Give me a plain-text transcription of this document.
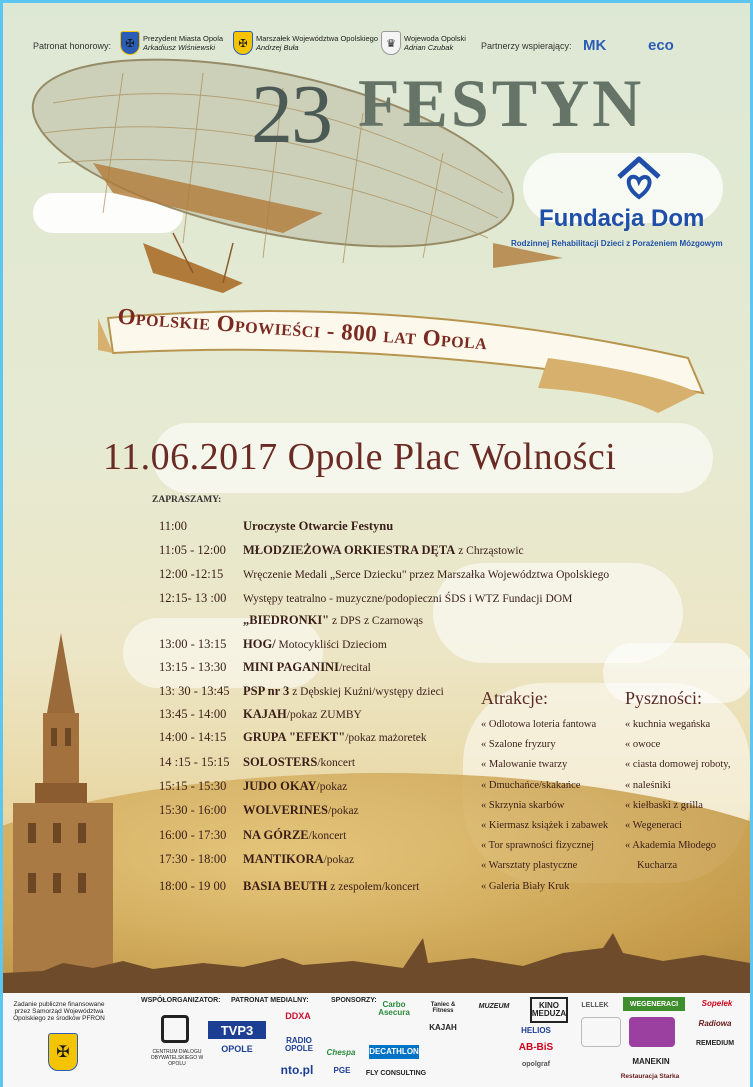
Patronat honorowy:	✠	Prezydent Miasta Opola
Arkadiusz Wiśniewski	✠	Marszałek Województwa Opolskiego
Andrzej Buła	♛	Wojewoda Opolski
Adrian Czubak	Partnerzy wspierający: MK	eco
23 FESTYN
Fundacja Dom
Rodzinnej Rehabilitacji Dzieci z Porażeniem Mózgowym
Opolskie Opowieści - 800 lat Opola
11.06.2017 Opole Plac Wolności
ZAPRASZAMY:
11:00	Uroczyste Otwarcie Festynu
11:05 - 12:00	MŁODZIEŻOWA ORKIESTRA DĘTA z Chrząstowic
12:00 -12:15	Wręczenie Medali „Serce Dziecku" przez Marszałka Województwa Opolskiego
12:15- 13 :00	Występy teatralno - muzyczne/podopieczni ŚDS i WTZ Fundacji DOM
„BIEDRONKI" z DPS z Czarnowąs
13:00 - 13:15	HOG/ Motocykliści Dzieciom
13:15 - 13:30	MINI PAGANINI/recital
13: 30 - 13:45	PSP nr 3 z Dębskiej Kuźni/występy dzieci
13:45 - 14:00	KAJAH/pokaz ZUMBY
14:00 - 14:15	GRUPA "EFEKT"/pokaz mażoretek
14 :15 - 15:15	SOLOSTERS/koncert
15:15 - 15:30	JUDO OKAY/pokaz
15:30 - 16:00	WOLVERINES/pokaz
16:00 - 17:30	NA GÓRZE/koncert
17:30 - 18:00	MANTIKORA/pokaz
18:00 - 19 00	BASIA BEUTH z zespołem/koncert
Atrakcje:
« Odlotowa loteria fantowa
« Szalone fryzury
« Malowanie twarzy
« Dmuchańce/skakańce
« Skrzynia skarbów
« Kiermasz książek i zabawek
« Tor sprawności fizycznej
« Warsztaty plastyczne
« Galeria Biały Kruk
Pyszności:
« kuchnia wegańska
« owoce
« ciasta domowej roboty,
« naleśniki
« kiełbaski z grilla
« Wegeneraci
« Akademia Młodego
Kucharza
Zadanie publiczne finansowane przez Samorząd Województwa Opolskiego ze środków PFRON
✠
WSPÓŁORGANIZATOR:
CENTRUM DIALOGU OBYWATELSKIEGO W OPOLU
PATRONAT MEDIALNY:
TVP3
OPOLE
DDXA
RADIO OPOLE
nto.pl
SPONSORZY: Carbo Asecura
Taniec & Fitness
MUZEUM	KINO MEDUZA
LELLEK	WEGENERACI	Sopelek
HELIOS
AB-BiS
DECATHLON
Chespa
PGE	FLY CONSULTING
KAJAH
MANEKIN
Radiowa
REMEDIUM
Restauracja Starka
opolgraf
